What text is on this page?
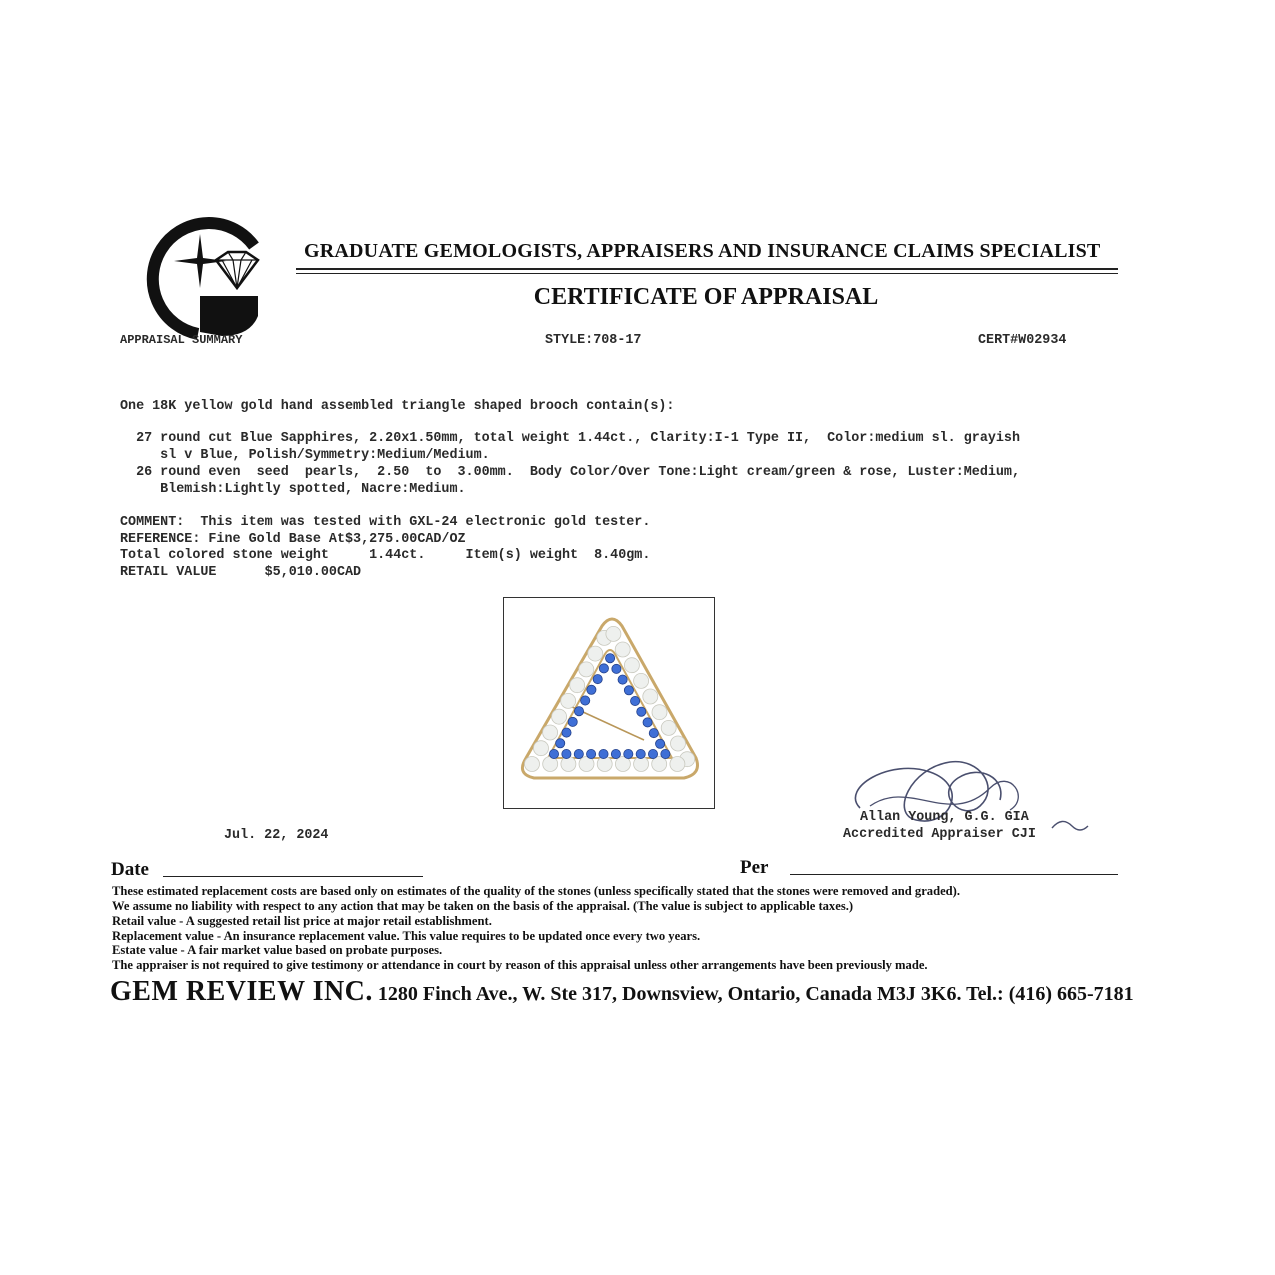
GRADUATE GEMOLOGISTS, APPRAISERS AND INSURANCE CLAIMS SPECIALIST
CERTIFICATE OF APPRAISAL
APPRAISAL SUMMARY	STYLE:708-17	CERT#W02934
One 18K yellow gold hand assembled triangle shaped brooch contain(s):
27 round cut Blue Sapphires, 2.20x1.50mm, total weight 1.44ct., Clarity:I-1 Type II,  Color:medium sl. grayish
sl v Blue, Polish/Symmetry:Medium/Medium.
26 round even  seed  pearls,  2.50  to  3.00mm.  Body Color/Over Tone:Light cream/green & rose, Luster:Medium,
Blemish:Lightly spotted, Nacre:Medium.
COMMENT:  This item was tested with GXL-24 electronic gold tester.
REFERENCE: Fine Gold Base At$3,275.00CAD/OZ
Total colored stone weight     1.44ct.     Item(s) weight  8.40gm.
RETAIL VALUE      $5,010.00CAD
Allan Young, G.G. GIA
Accredited Appraiser CJI
Jul. 22, 2024
Date	Per
These estimated replacement costs are based only on estimates of the quality of the stones (unless specifically stated that the stones were removed and graded).
We assume no liability with respect to any action that may be taken on the basis of the appraisal. (The value is subject to applicable taxes.)
Retail value - A suggested retail list price at major retail establishment.
Replacement value - An insurance replacement value. This value requires to be updated once every two years.
Estate value - A fair market value based on probate purposes.
The appraiser is not required to give testimony or attendance in court by reason of this appraisal unless other arrangements have been previously made.
GEM REVIEW INC. 1280 Finch Ave., W. Ste 317, Downsview, Ontario, Canada M3J 3K6. Tel.: (416) 665-7181
